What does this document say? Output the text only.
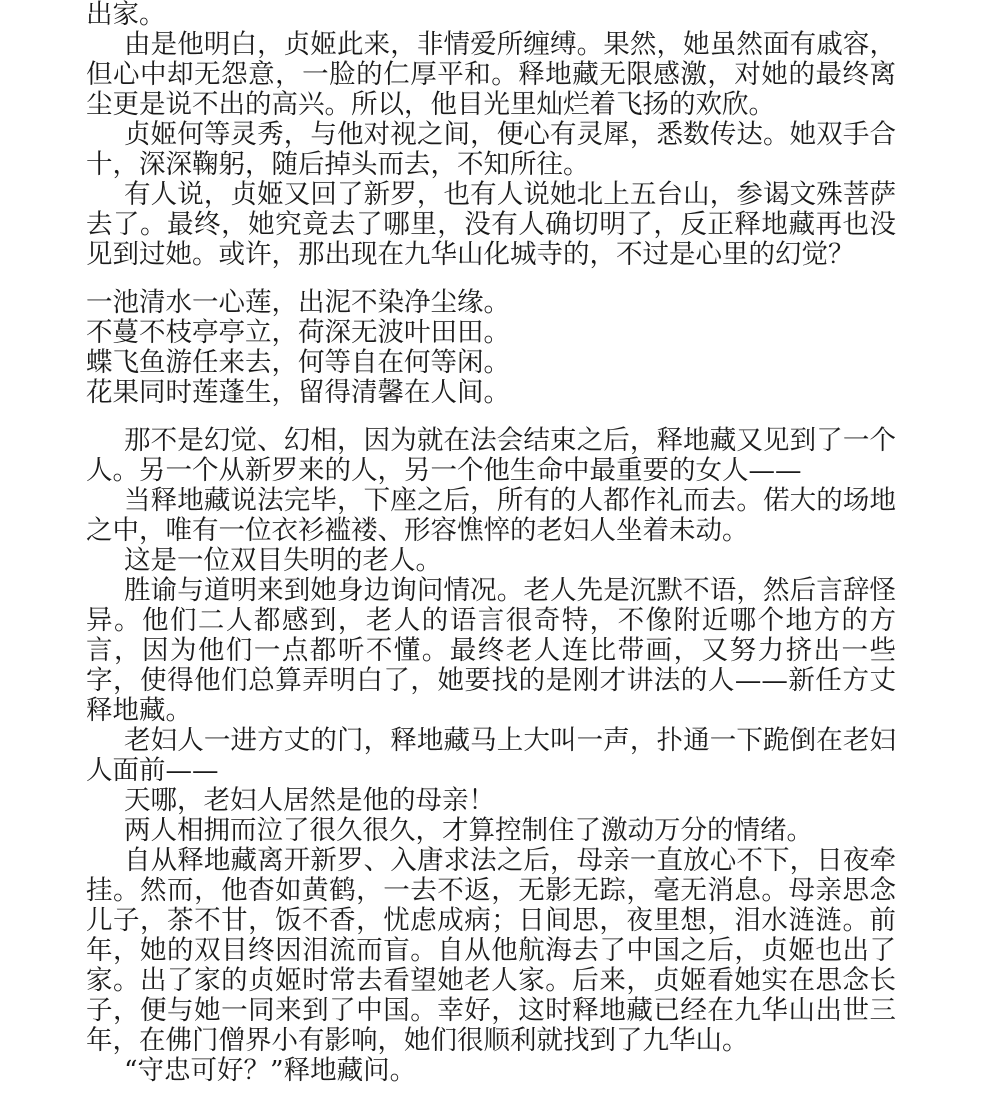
出家。

由是他明白，贞姬此来，非情爱所缠缚。果然，她虽然面有戚容，
但心中却无怨意，一脸的仁厚平和。释地藏无限感激，对她的最终离
尘更是说不出的高兴。所以，他目光里灿烂着飞扬的欢欣。
贞姬何等灵秀，与他对视之间，便心有灵犀，悉数传达。她双手合
十，深深鞠躬，随后掉头而去，不知所往。
有人说，贞姬又回了新罗，也有人说她北上五台山，参谒文殊菩萨
去了。最终，她究竟去了哪里，没有人确切明了，反正释地藏再也没
见到过她。或许，那出现在九华山化城寺的，不过是心里的幻觉？
一池清水一心莲，出泥不染净尘缘。
不蔓不枝亭亭立，荷深无波叶田田。
蝶飞鱼游任来去，何等自在何等闲。
花果同时莲蓬生，留得清馨在人间。
那不是幻觉、幻相，因为就在法会结束之后，释地藏又见到了一个
人。另一个从新罗来的人，另一个他生命中最重要的女人——
当释地藏说法完毕，下座之后，所有的人都作礼而去。偌大的场地
之中，唯有一位衣衫褴褛、形容憔悴的老妇人坐着未动。
这是一位双目失明的老人。
胜谕与道明来到她身边询问情况。老人先是沉默不语，然后言辞怪
异。他们二人都感到，老人的语言很奇特，不像附近哪个地方的方
言，因为他们一点都听不懂。最终老人连比带画，又努力挤出一些
字，使得他们总算弄明白了，她要找的是刚才讲法的人——新任方丈
释地藏。
老妇人一进方丈的门，释地藏马上大叫一声，扑通一下跪倒在老妇
人面前——
天哪，老妇人居然是他的母亲！
两人相拥而泣了很久很久，才算控制住了激动万分的情绪。
自从释地藏离开新罗、入唐求法之后，母亲一直放心不下，日夜牵
挂。然而，他杳如黄鹤，一去不返，无影无踪，毫无消息。母亲思念
儿子，茶不甘，饭不香，忧虑成病；日间思，夜里想，泪水涟涟。前
年，她的双目终因泪流而盲。自从他航海去了中国之后，贞姬也出了
家。出了家的贞姬时常去看望她老人家。后来，贞姬看她实在思念长
子，便与她一同来到了中国。幸好，这时释地藏已经在九华山出世三
年，在佛门僧界小有影响，她们很顺利就找到了九华山。
“守忠可好？”释地藏问。
